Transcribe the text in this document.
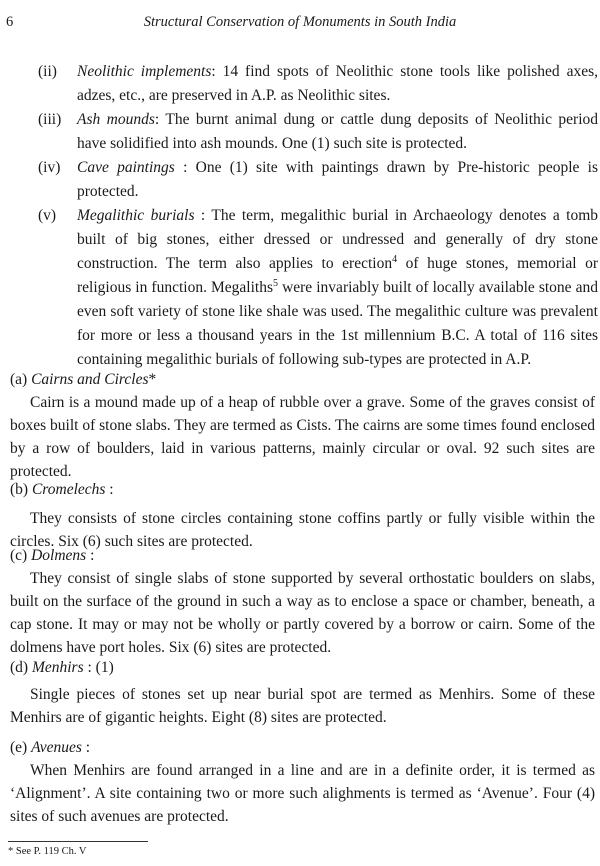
6	Structural Conservation of Monuments in South India
(ii) Neolithic implements: 14 find spots of Neolithic stone tools like polished axes, adzes, etc., are preserved in A.P. as Neolithic sites.
(iii) Ash mounds: The burnt animal dung or cattle dung deposits of Neolithic period have solidified into ash mounds. One (1) such site is protected.
(iv) Cave paintings : One (1) site with paintings drawn by Pre-historic people is protected.
(v) Megalithic burials : The term, megalithic burial in Archaeology denotes a tomb built of big stones, either dressed or undressed and generally of dry stone construction. The term also applies to erection$^4$ of huge stones, memorial or religious in function. Megaliths$^5$ were invariably built of locally available stone and even soft variety of stone like shale was used. The megalithic culture was prevalent for more or less a thousand years in the 1st millennium B.C. A total of 116 sites containing megalithic burials of following sub-types are protected in A.P.

(a) Cairns and Circles*

Cairn is a mound made up of a heap of rubble over a grave. Some of the graves consist of boxes built of stone slabs. They are termed as Cists. The cairns are some times found enclosed by a row of boulders, laid in various patterns, mainly circular or oval. 92 such sites are protected.

(b) Cromelechs :

They consists of stone circles containing stone coffins partly or fully visible within the circles. Six (6) such sites are protected.

(c) Dolmens :

They consist of single slabs of stone supported by several orthostatic boulders on slabs, built on the surface of the ground in such a way as to enclose a space or chamber, beneath, a cap stone. It may or may not be wholly or partly covered by a borrow or cairn. Some of the dolmens have port holes. Six (6) sites are protected.

(d) Menhirs : (1)

Single pieces of stones set up near burial spot are termed as Menhirs. Some of these Menhirs are of gigantic heights. Eight (8) sites are protected.

(e) Avenues :

When Menhirs are found arranged in a line and are in a definite order, it is termed as ‘Alignment’. A site containing two or more such alighments is termed as ‘Avenue’. Four (4) sites of such avenues are protected.

* See P. 119 Ch. V
